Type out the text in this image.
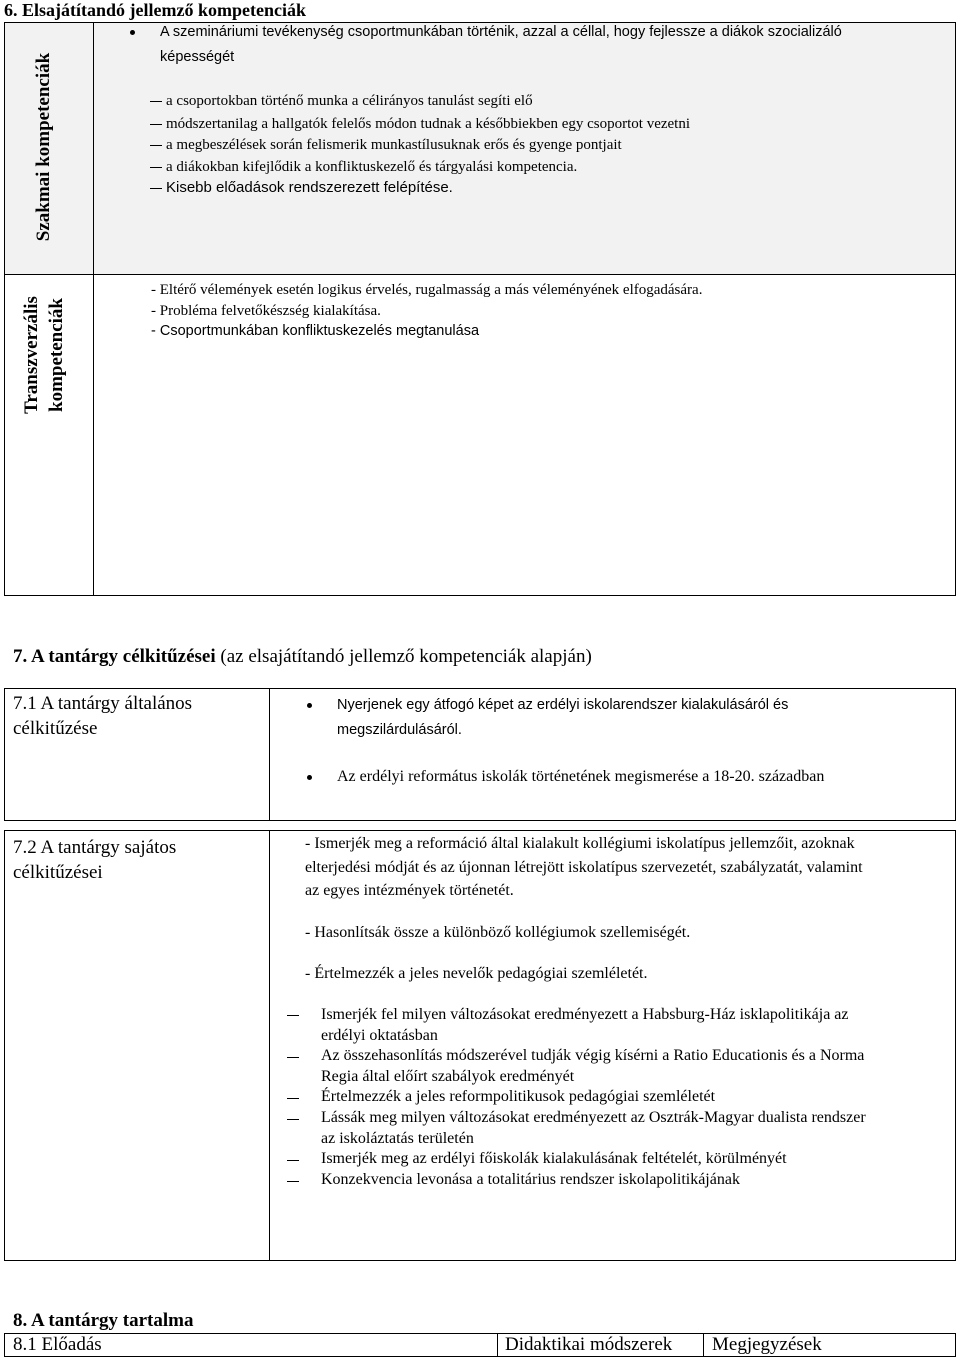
6. Elsajátítandó jellemző kompetenciák
Szakmai kompetenciák
A szemináriumi tevékenység csoportmunkában történik, azzal a céllal, hogy fejlessze a diákok szocializáló
képességét
a csoportokban történő munka a célirányos tanulást segíti elő
módszertanilag a hallgatók felelős módon tudnak a későbbiekben egy csoportot vezetni
a megbeszélések során felismerik munkastílusuknak erős és gyenge pontjait
a diákokban kifejlődik a konfliktuskezelő és tárgyalási kompetencia.
Kisebb előadások rendszerezett felépítése.
Transzverzális kompetenciák
- Eltérő vélemények esetén logikus érvelés, rugalmasság a más véleményének elfogadására.
- Probléma felvetőkészség kialakítása.
- Csoportmunkában konfliktuskezelés megtanulása
7. A tantárgy célkitűzései (az elsajátítandó jellemző kompetenciák alapján)
7.1 A tantárgy általános
célkitűzése
Nyerjenek egy átfogó képet az erdélyi iskolarendszer kialakulásáról és
megszilárdulásáról.
Az erdélyi református iskolák történetének megismerése a 18-20. században
7.2 A tantárgy sajátos
célkitűzései
- Ismerjék meg a reformáció által kialakult kollégiumi iskolatípus jellemzőit, azoknak
elterjedési módját és az újonnan létrejött iskolatípus szervezetét, szabályzatát, valamint
az egyes intézmények történetét.
- Hasonlítsák össze a különböző kollégiumok szellemiségét.
- Értelmezzék a jeles nevelők pedagógiai szemléletét.
Ismerjék fel milyen változásokat eredményezett a Habsburg-Ház isklapolitikája az
erdélyi oktatásban
Az összehasonlítás módszerével tudják végig kísérni a Ratio Educationis és a Norma
Regia által előírt szabályok eredményét
Értelmezzék a jeles reformpolitikusok pedagógiai szemléletét
Lássák meg milyen változásokat eredményezett az Osztrák-Magyar dualista rendszer
az iskoláztatás területén
Ismerjék meg az erdélyi főiskolák kialakulásának feltételét, körülményét
Konzekvencia levonása a totalitárius rendszer iskolapolitikájának
8. A tantárgy tartalma
8.1 Előadás	Didaktikai módszerek Megjegyzések
